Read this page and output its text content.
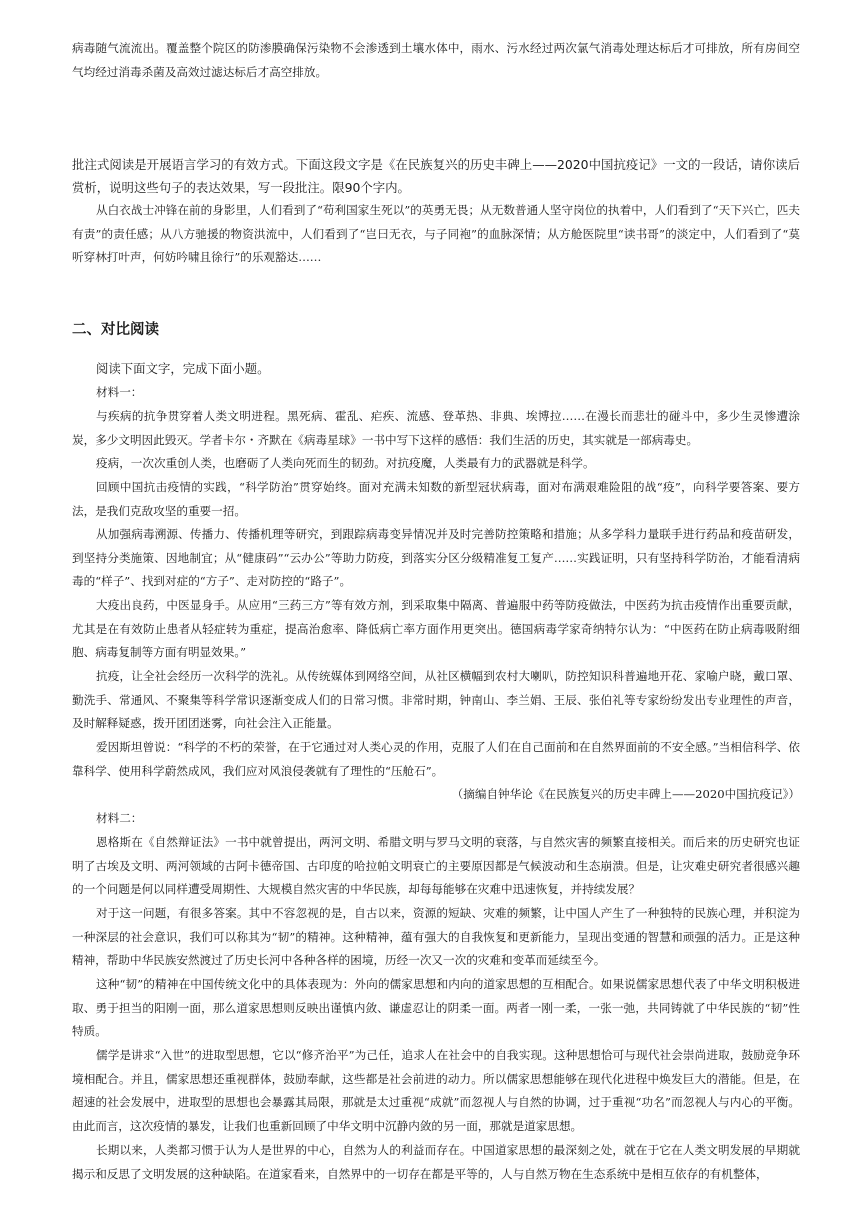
病毒随气流流出。覆盖整个院区的防渗膜确保污染物不会渗透到土壤水体中，雨水、污水经过两次氯气消毒处理达标后才可排放，所有房间空气均经过消毒杀菌及高效过滤达标后才高空排放。

批注式阅读是开展语言学习的有效方式。下面这段文字是《在民族复兴的历史丰碑上——2020中国抗疫记》一文的一段话，请你读后赏析，说明这些句子的表达效果，写一段批注。限90个字内。

从白衣战士冲锋在前的身影里，人们看到了“苟利国家生死以”的英勇无畏；从无数普通人坚守岗位的执着中，人们看到了“天下兴亡，匹夫有责”的责任感；从八方驰援的物资洪流中，人们看到了“岂曰无衣，与子同袍”的血脉深情；从方舱医院里“读书哥”的淡定中，人们看到了“莫听穿林打叶声，何妨吟啸且徐行”的乐观豁达……

二、对比阅读

阅读下面文字，完成下面小题。

材料一：

与疾病的抗争贯穿着人类文明进程。黑死病、霍乱、疟疾、流感、登革热、非典、埃博拉……在漫长而悲壮的碰斗中，多少生灵惨遭涂炭，多少文明因此毁灭。学者卡尔・齐默在《病毒星球》一书中写下这样的感悟：我们生活的历史，其实就是一部病毒史。

疫病，一次次重创人类，也磨砺了人类向死而生的韧劲。对抗疫魔，人类最有力的武器就是科学。

回顾中国抗击疫情的实践，“科学防治”贯穿始终。面对充满未知数的新型冠状病毒，面对布满艰难险阻的战“疫”，向科学要答案、要方法，是我们克敌攻坚的重要一招。

从加强病毒溯源、传播力、传播机理等研究，到跟踪病毒变异情况并及时完善防控策略和措施；从多学科力量联手进行药品和疫苗研发，到坚持分类施策、因地制宜；从“健康码”“云办公”等助力防疫，到落实分区分级精准复工复产……实践证明，只有坚持科学防治，才能看清病毒的“样子”、找到对症的“方子”、走对防控的“路子”。

大疫出良药，中医显身手。从应用“三药三方”等有效方剂，到采取集中隔离、普遍服中药等防疫做法，中医药为抗击疫情作出重要贡献，尤其是在有效防止患者从轻症转为重症，提高治愈率、降低病亡率方面作用更突出。德国病毒学家奇纳特尔认为：“中医药在防止病毒吸附细胞、病毒复制等方面有明显效果。”

抗疫，让全社会经历一次科学的洗礼。从传统媒体到网络空间，从社区横幅到农村大喇叭，防控知识科普遍地开花、家喻户晓，戴口罩、勤洗手、常通风、不聚集等科学常识逐渐变成人们的日常习惯。非常时期，钟南山、李兰娟、王辰、张伯礼等专家纷纷发出专业理性的声音，及时解释疑惑，拨开团团迷雾，向社会注入正能量。

爱因斯坦曾说：“科学的不朽的荣誉，在于它通过对人类心灵的作用，克服了人们在自己面前和在自然界面前的不安全感。”当相信科学、依靠科学、使用科学蔚然成风，我们应对风浪侵袭就有了理性的“压舱石”。

（摘编自钟华论《在民族复兴的历史丰碑上——2020中国抗疫记》）

材料二：

恩格斯在《自然辩证法》一书中就曾提出，两河文明、希腊文明与罗马文明的衰落，与自然灾害的频繁直接相关。而后来的历史研究也证明了古埃及文明、两河领域的古阿卡德帝国、古印度的哈拉帕文明衰亡的主要原因都是气候波动和生态崩溃。但是，让灾难史研究者很感兴趣的一个问题是何以同样遭受周期性、大规模自然灾害的中华民族，却每每能够在灾难中迅速恢复，并持续发展？

对于这一问题，有很多答案。其中不容忽视的是，自古以来，资源的短缺、灾难的频繁，让中国人产生了一种独特的民族心理，并积淀为一种深层的社会意识，我们可以称其为“韧”的精神。这种精神，蕴有强大的自我恢复和更新能力，呈现出变通的智慧和顽强的活力。正是这种精神，帮助中华民族安然渡过了历史长河中各种各样的困境，历经一次又一次的灾难和变革而延续至今。

这种“韧”的精神在中国传统文化中的具体表现为：外向的儒家思想和内向的道家思想的互相配合。如果说儒家思想代表了中华文明积极进取、勇于担当的阳刚一面，那么道家思想则反映出谨慎内敛、谦虚忍让的阴柔一面。两者一刚一柔，一张一弛，共同铸就了中华民族的“韧”性特质。

儒学是讲求“入世”的进取型思想，它以“修齐治平”为己任，追求人在社会中的自我实现。这种思想恰可与现代社会崇尚进取，鼓励竞争环境相配合。并且，儒家思想还重视群体，鼓励奉献，这些都是社会前进的动力。所以儒家思想能够在现代化进程中焕发巨大的潜能。但是，在超速的社会发展中，进取型的思想也会暴露其局限，那就是太过重视“成就”而忽视人与自然的协调，过于重视“功名”而忽视人与内心的平衡。由此而言，这次疫情的暴发，让我们也重新回顾了中华文明中沉静内敛的另一面，那就是道家思想。

长期以来，人类都习惯于认为人是世界的中心，自然为人的利益而存在。中国道家思想的最深刻之处，就在于它在人类文明发展的早期就揭示和反思了文明发展的这种缺陷。在道家看来，自然界中的一切存在都是平等的，人与自然万物在生态系统中是相互依存的有机整体，
